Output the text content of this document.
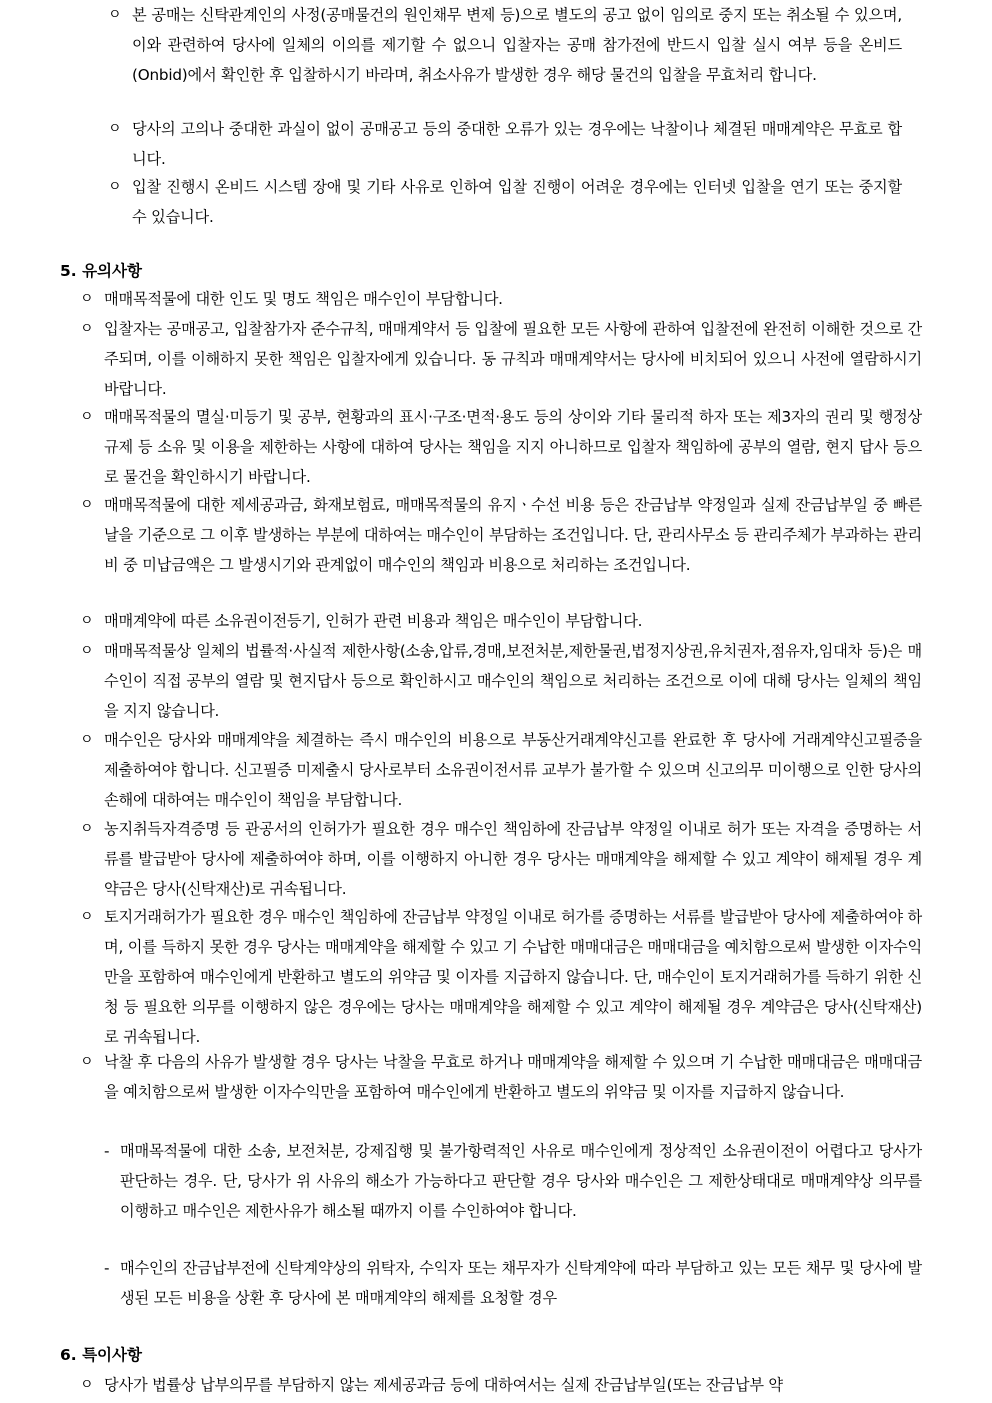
ㅇ 본 공매는 신탁관계인의 사정(공매물건의 원인채무 변제 등)으로 별도의 공고 없이 임의로 중지 또는 취소될 수 있으며, 이와 관련하여 당사에 일체의 이의를 제기할 수 없으니 입찰자는 공매 참가전에 반드시 입찰 실시 여부 등을 온비드(Onbid)에서 확인한 후 입찰하시기 바라며, 취소사유가 발생한 경우 해당 물건의 입찰을 무효처리 합니다.
ㅇ 당사의 고의나 중대한 과실이 없이 공매공고 등의 중대한 오류가 있는 경우에는 낙찰이나 체결된 매매계약은 무효로 합니다.
ㅇ 입찰 진행시 온비드 시스템 장애 및 기타 사유로 인하여 입찰 진행이 어려운 경우에는 인터넷 입찰을 연기 또는 중지할 수 있습니다.
5. 유의사항
ㅇ 매매목적물에 대한 인도 및 명도 책임은 매수인이 부담합니다.
ㅇ 입찰자는 공매공고, 입찰참가자 준수규칙, 매매계약서 등 입찰에 필요한 모든 사항에 관하여 입찰전에 완전히 이해한 것으로 간주되며, 이를 이해하지 못한 책임은 입찰자에게 있습니다. 동 규칙과 매매계약서는 당사에 비치되어 있으니 사전에 열람하시기 바랍니다.
ㅇ 매매목적물의 멸실·미등기 및 공부, 현황과의 표시·구조·면적·용도 등의 상이와 기타 물리적 하자 또는 제3자의 권리 및 행정상 규제 등 소유 및 이용을 제한하는 사항에 대하여 당사는 책임을 지지 아니하므로 입찰자 책임하에 공부의 열람, 현지 답사 등으로 물건을 확인하시기 바랍니다.
ㅇ 매매목적물에 대한 제세공과금, 화재보험료, 매매목적물의 유지ㆍ수선 비용 등은 잔금납부 약정일과 실제 잔금납부일 중 빠른 날을 기준으로 그 이후 발생하는 부분에 대하여는 매수인이 부담하는 조건입니다. 단, 관리사무소 등 관리주체가 부과하는 관리비 중 미납금액은 그 발생시기와 관계없이 매수인의 책임과 비용으로 처리하는 조건입니다.
ㅇ 매매계약에 따른 소유권이전등기, 인허가 관련 비용과 책임은 매수인이 부담합니다.
ㅇ 매매목적물상 일체의 법률적·사실적 제한사항(소송,압류,경매,보전처분,제한물권,법정지상권,유치권자,점유자,임대차 등)은 매수인이 직접 공부의 열람 및 현지답사 등으로 확인하시고 매수인의 책임으로 처리하는 조건으로 이에 대해 당사는 일체의 책임을 지지 않습니다.
ㅇ 매수인은 당사와 매매계약을 체결하는 즉시 매수인의 비용으로 부동산거래계약신고를 완료한 후 당사에 거래계약신고필증을 제출하여야 합니다. 신고필증 미제출시 당사로부터 소유권이전서류 교부가 불가할 수 있으며 신고의무 미이행으로 인한 당사의 손해에 대하여는 매수인이 책임을 부담합니다.
ㅇ 농지취득자격증명 등 관공서의 인허가가 필요한 경우 매수인 책임하에 잔금납부 약정일 이내로 허가 또는 자격을 증명하는 서류를 발급받아 당사에 제출하여야 하며, 이를 이행하지 아니한 경우 당사는 매매계약을 해제할 수 있고 계약이 해제될 경우 계약금은 당사(신탁재산)로 귀속됩니다.
ㅇ 토지거래허가가 필요한 경우 매수인 책임하에 잔금납부 약정일 이내로 허가를 증명하는 서류를 발급받아 당사에 제출하여야 하며, 이를 득하지 못한 경우 당사는 매매계약을 해제할 수 있고 기 수납한 매매대금은 매매대금을 예치함으로써 발생한 이자수익만을 포함하여 매수인에게 반환하고 별도의 위약금 및 이자를 지급하지 않습니다. 단, 매수인이 토지거래허가를 득하기 위한 신청 등 필요한 의무를 이행하지 않은 경우에는 당사는 매매계약을 해제할 수 있고 계약이 해제될 경우 계약금은 당사(신탁재산)로 귀속됩니다.
ㅇ 낙찰 후 다음의 사유가 발생할 경우 당사는 낙찰을 무효로 하거나 매매계약을 해제할 수 있으며 기 수납한 매매대금은 매매대금을 예치함으로써 발생한 이자수익만을 포함하여 매수인에게 반환하고 별도의 위약금 및 이자를 지급하지 않습니다.
- 매매목적물에 대한 소송, 보전처분, 강제집행 및 불가항력적인 사유로 매수인에게 정상적인 소유권이전이 어렵다고 당사가 판단하는 경우. 단, 당사가 위 사유의 해소가 가능하다고 판단할 경우 당사와 매수인은 그 제한상태대로 매매계약상 의무를 이행하고 매수인은 제한사유가 해소될 때까지 이를 수인하여야 합니다.
- 매수인의 잔금납부전에 신탁계약상의 위탁자, 수익자 또는 채무자가 신탁계약에 따라 부담하고 있는 모든 채무 및 당사에 발생된 모든 비용을 상환 후 당사에 본 매매계약의 해제를 요청할 경우
6. 특이사항
ㅇ 당사가 법률상 납부의무를 부담하지 않는 제세공과금 등에 대하여서는 실제 잔금납부일(또는 잔금납부 약
